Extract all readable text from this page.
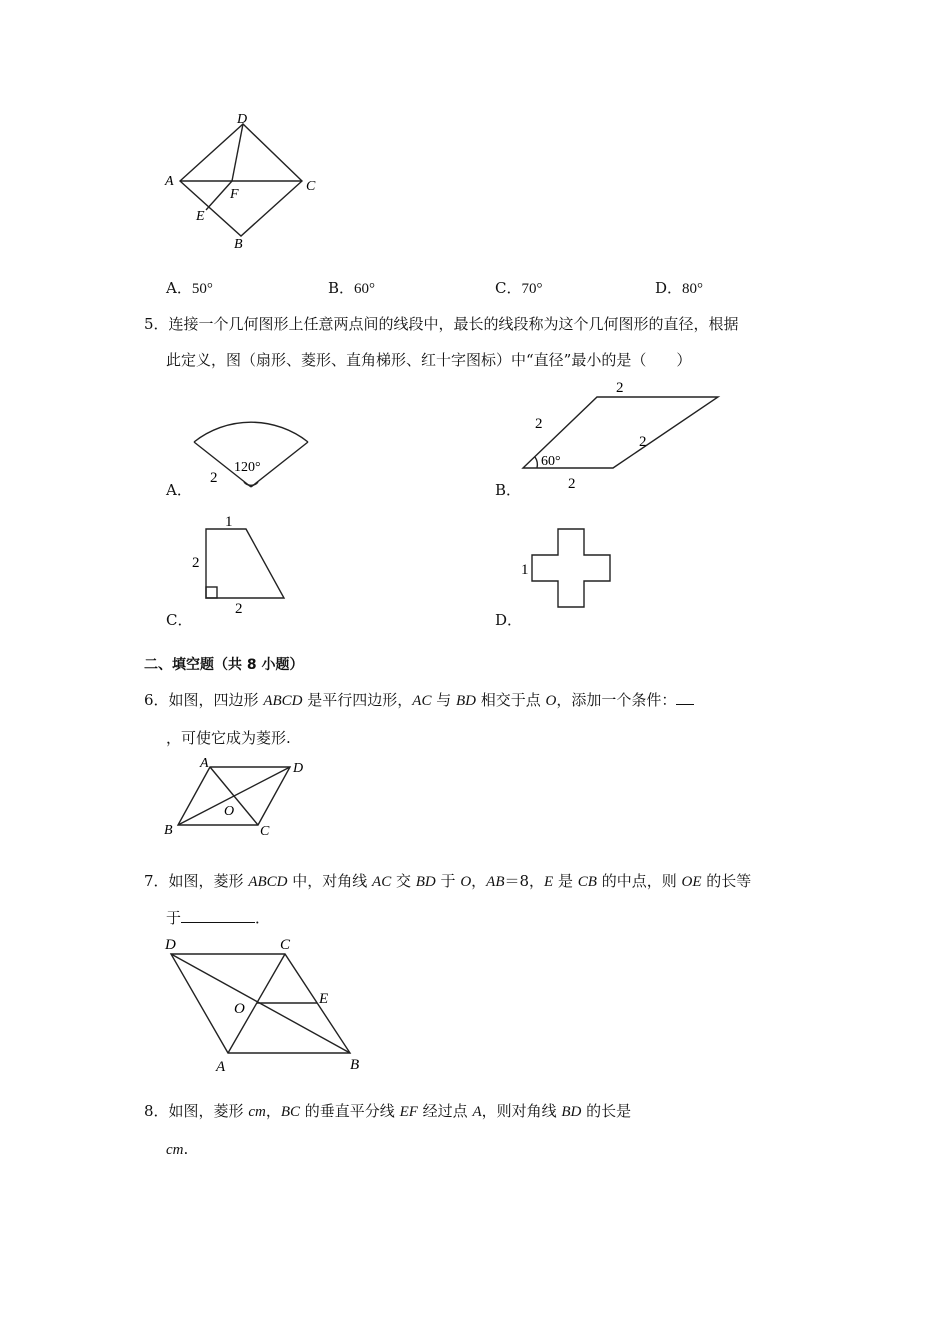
D
A	C
F
E
B
A．50°	B．60°	C．70°	D．80°
5．连接一个几何图形上任意两点间的线段中，最长的线段称为这个几何图形的直径，根据
此定义，图（扇形、菱形、直角梯形、红十字图标）中“直径”最小的是（　　）
120°
2
A．
2
2
2
60°
2
B．
1
2
2
C．
1
D．
二、填空题（共 8 小题）
6．如图，四边形 ABCD 是平行四边形，AC 与 BD 相交于点 O，添加一个条件：
，可使它成为菱形.
A	D
O
B	C
7．如图，菱形 ABCD 中，对角线 AC 交 BD 于 O，AB＝8，E 是 CB 的中点，则 OE 的长等
于	．
D	C
O
E
A	B
8．如图，菱形 cm，BC 的垂直平分线 EF 经过点 A，则对角线 BD 的长是
cm.
